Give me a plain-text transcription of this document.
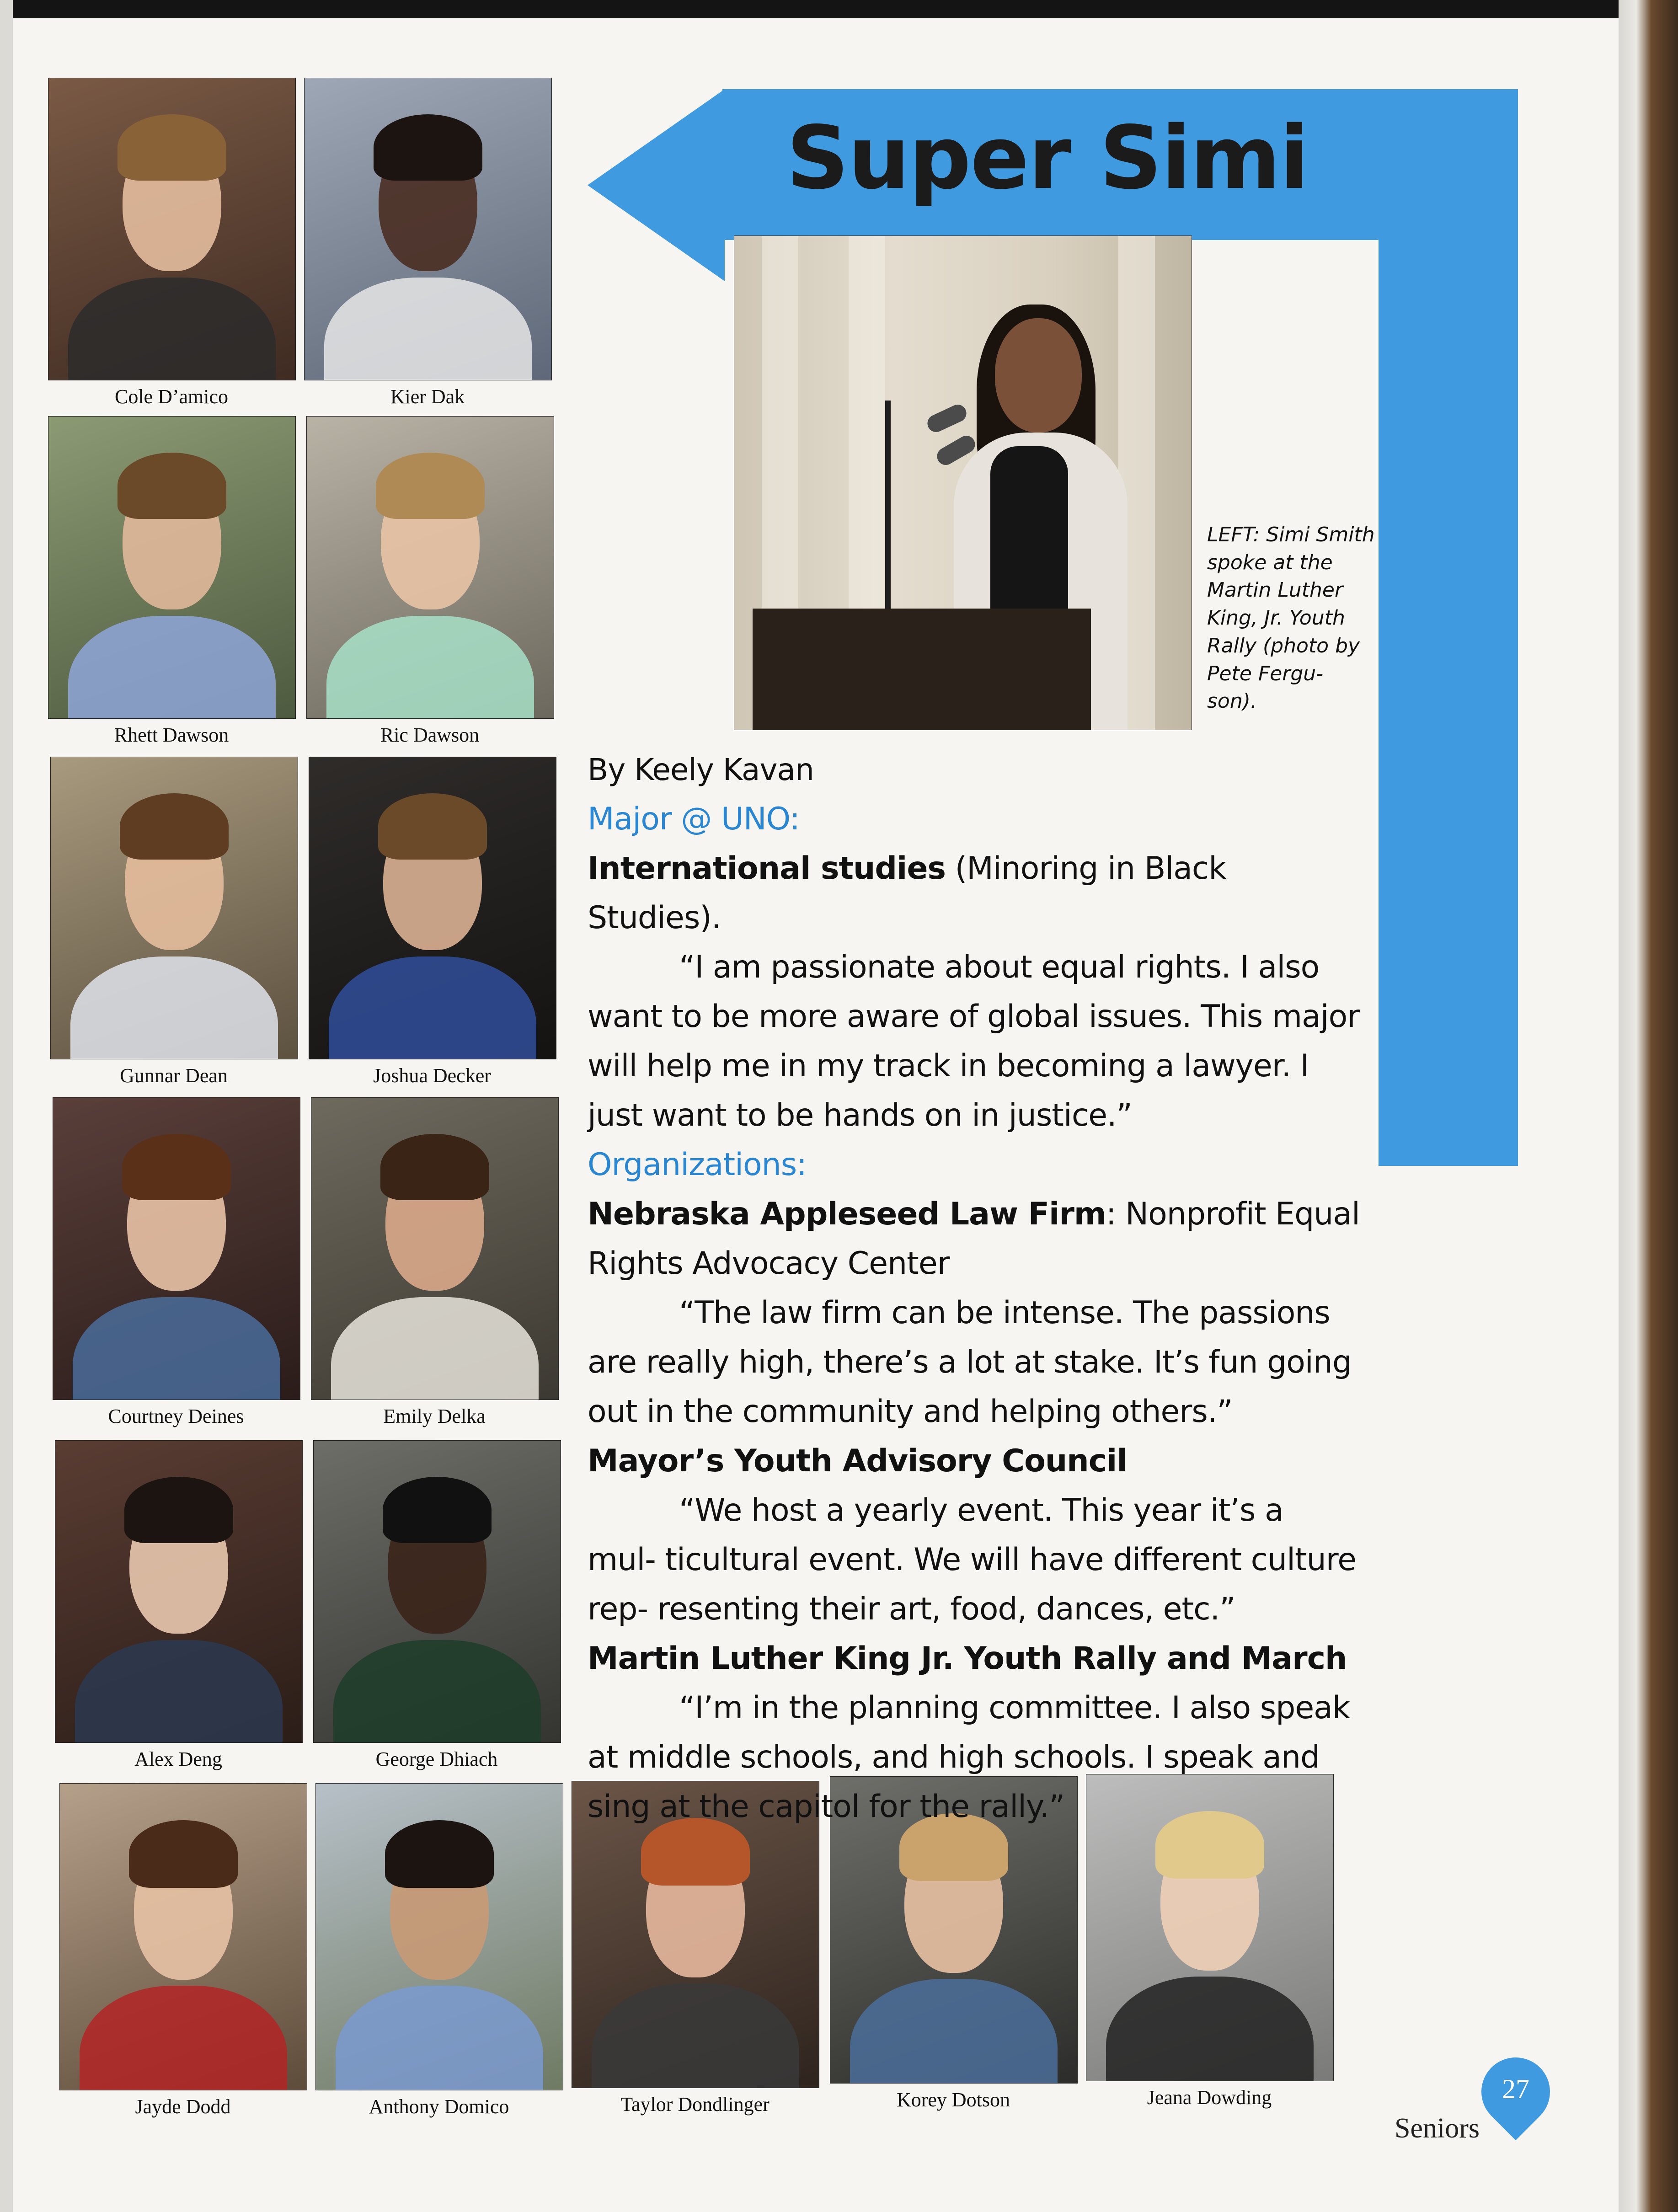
Cole D’amico	Kier Dak
Rhett Dawson	Ric Dawson
Gunnar Dean	Joshua Decker
Courtney Deines	Emily Delka
Alex Deng	George Dhiach
Jayde Dodd	Anthony Domico	Taylor Dondlinger	Korey Dotson	Jeana Dowding
Super Simi
LEFT: Simi Smith spoke at the Martin Luther King, Jr. Youth Rally (photo by Pete Fergu- son).

By Keely Kavan

Major @ UNO:

International studies (Minoring in Black Studies).

“I am passionate about equal rights. I also want to be more aware of global issues. This major will help me in my track in becoming a lawyer. I just want to be hands on in justice.”

Organizations:

Nebraska Appleseed Law Firm: Nonprofit Equal Rights Advocacy Center

“The law firm can be intense. The passions are really high, there’s a lot at stake. It’s fun going out in the community and helping others.”

Mayor’s Youth Advisory Council

“We host a yearly event. This year it’s a mul- ticultural event. We will have different culture rep- resenting their art, food, dances, etc.”

Martin Luther King Jr. Youth Rally and March

“I’m in the planning committee. I also speak at middle schools, and high schools. I speak and sing at the capitol for the rally.”

Seniors
27
